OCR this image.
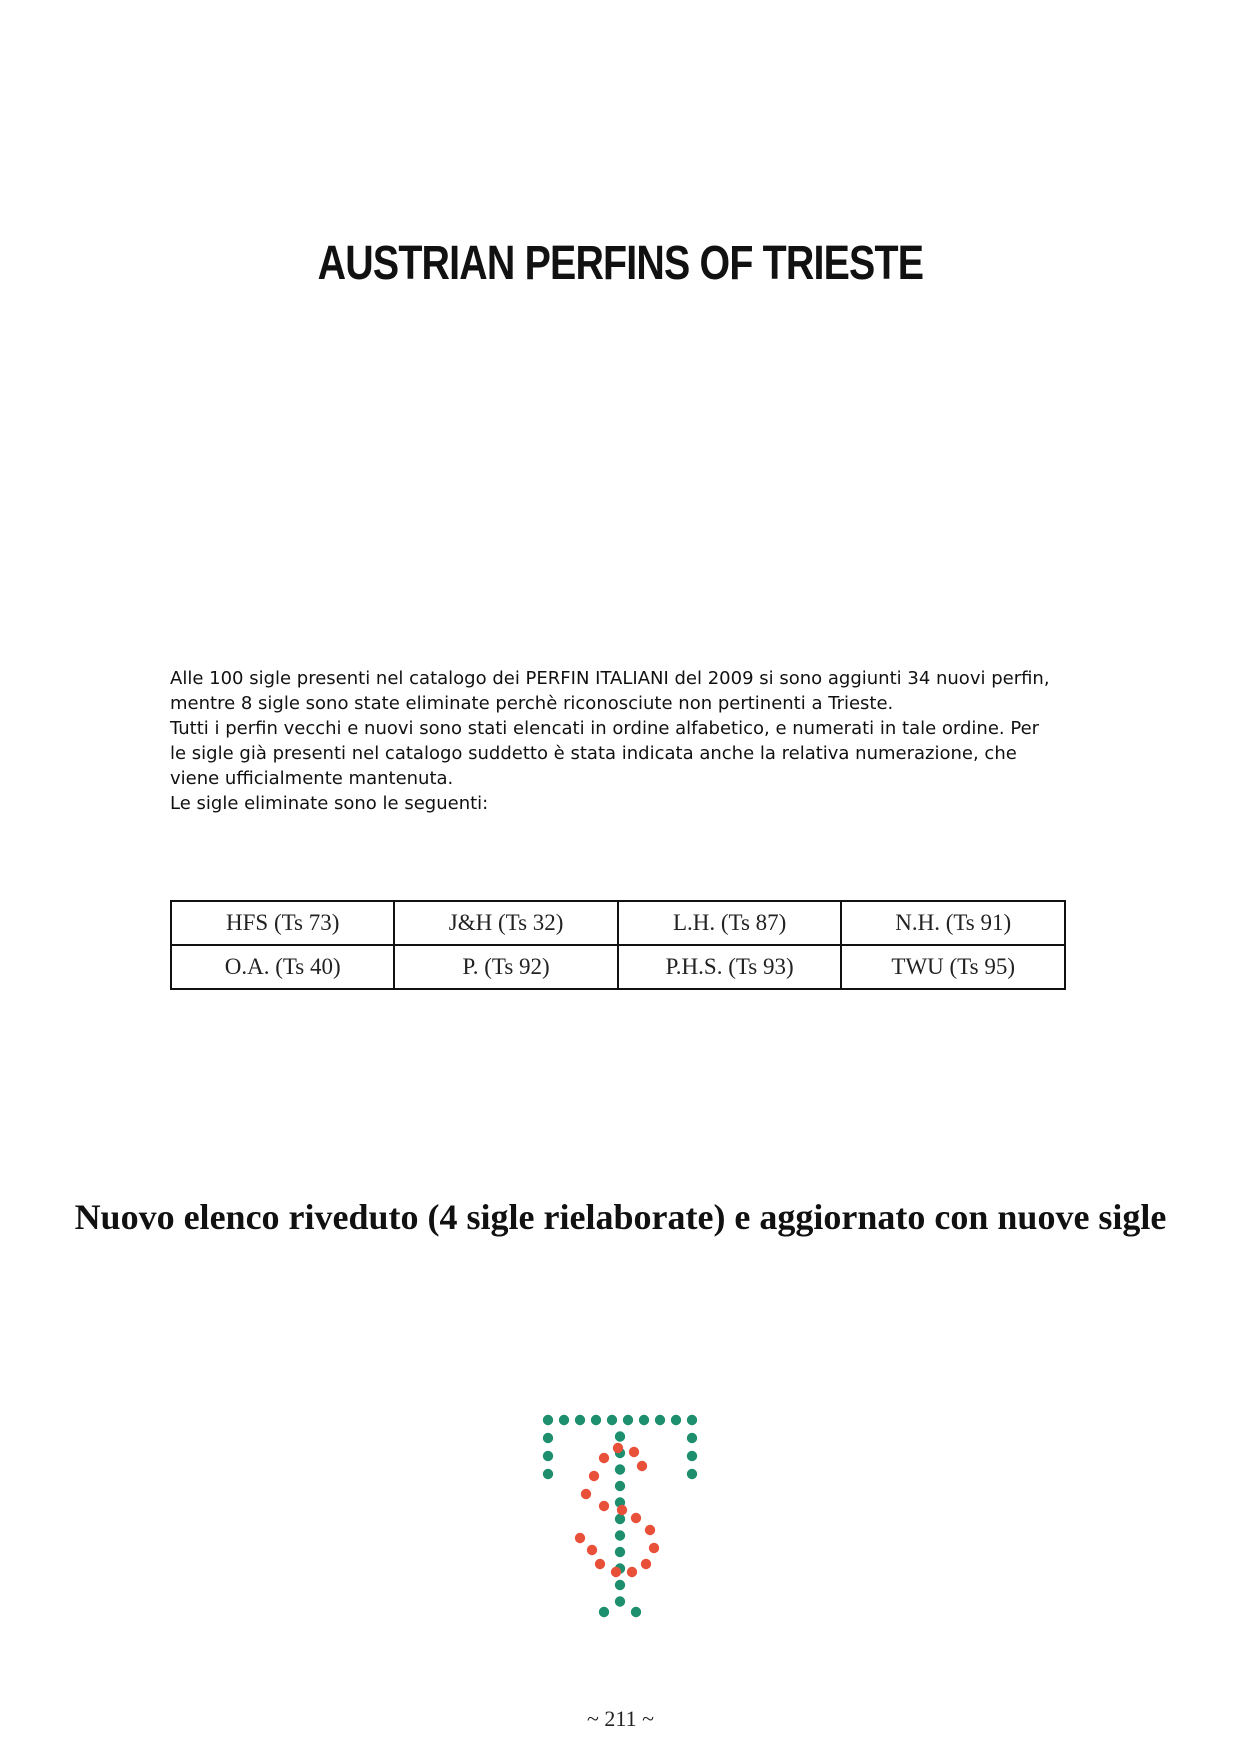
AUSTRIAN PERFINS OF TRIESTE

Alle 100 sigle presenti nel catalogo dei PERFIN ITALIANI del 2009 si sono aggiunti 34 nuovi perfin, mentre 8 sigle sono state eliminate perchè riconosciute non pertinenti a Trieste.

Tutti i perfin vecchi e nuovi sono stati elencati in ordine alfabetico, e numerati in tale ordine. Per le sigle già presenti nel catalogo suddetto è stata indicata anche la relativa numerazione, che viene ufficialmente mantenuta.

Le sigle eliminate sono le seguenti:

HFS (Ts 73)	J&H (Ts 32)	L.H. (Ts 87)	N.H. (Ts 91)
O.A. (Ts 40)	P. (Ts 92)	P.H.S. (Ts 93)	TWU (Ts 95)
Nuovo elenco riveduto (4 sigle rielaborate) e aggiornato con nuove sigle
~ 211 ~
